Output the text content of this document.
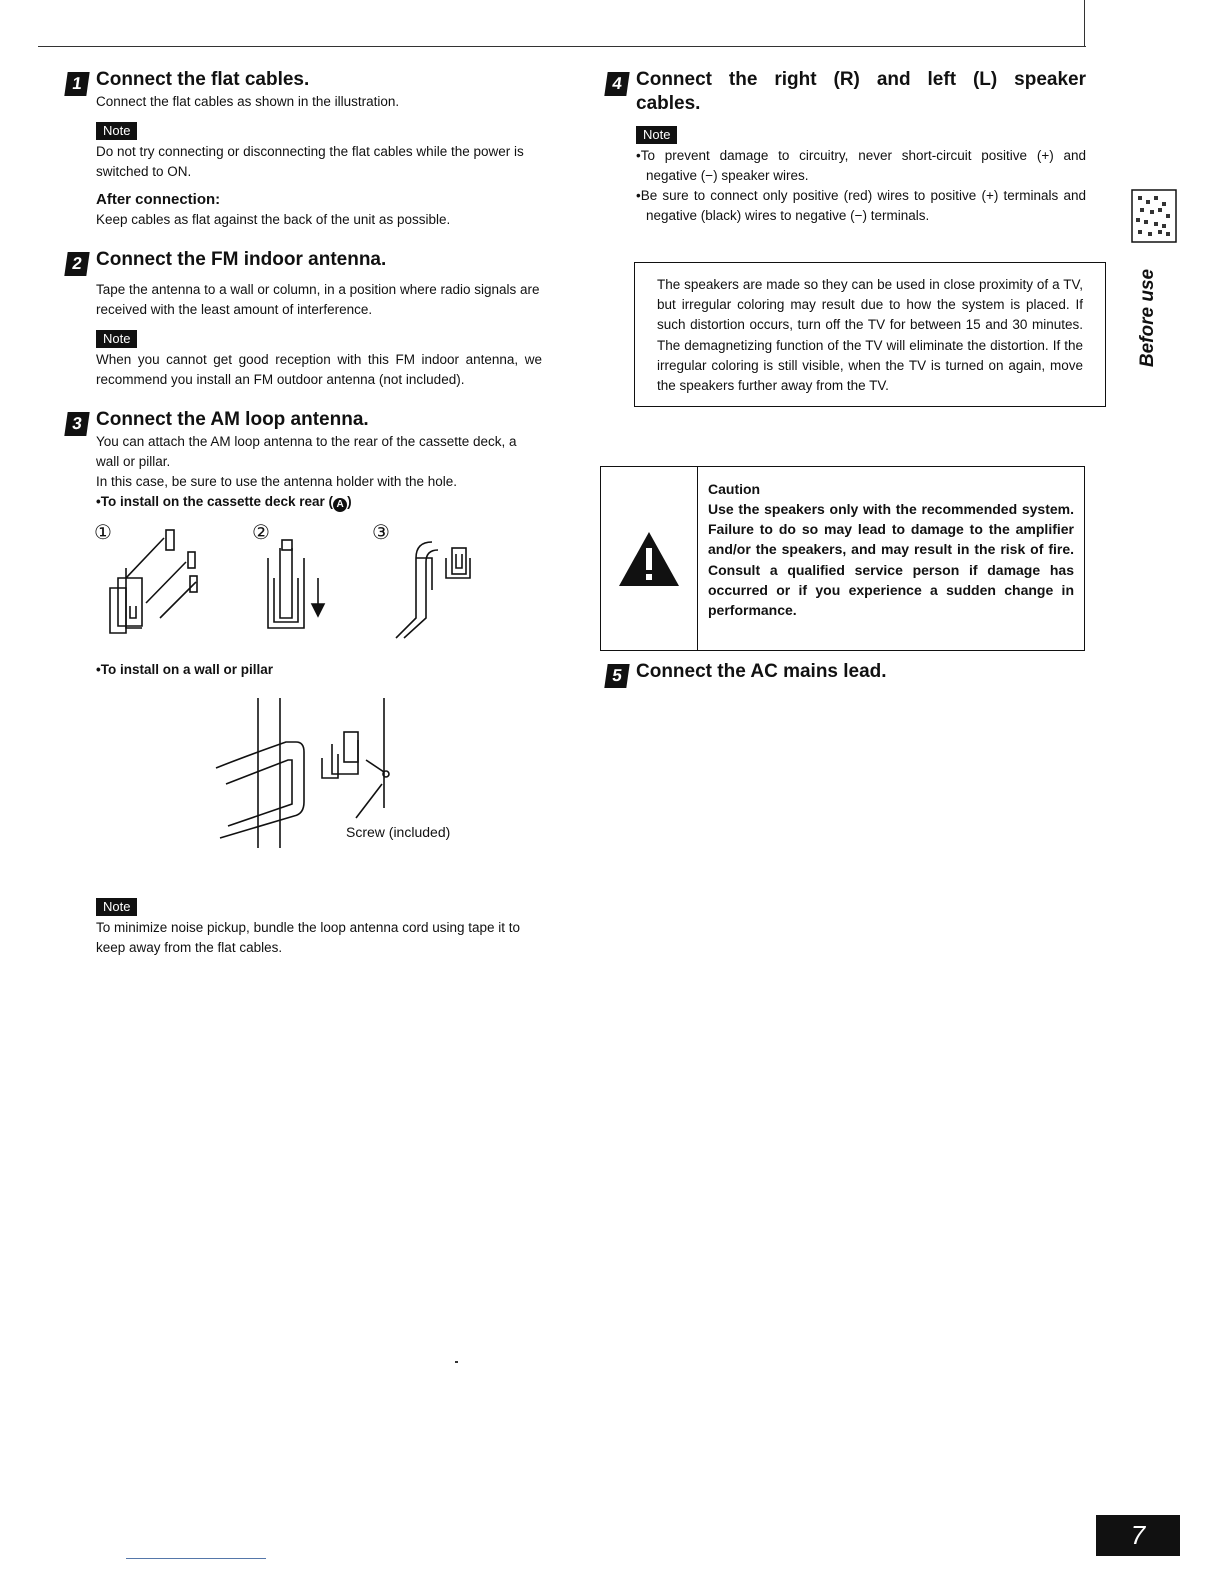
1 Connect the flat cables.

Connect the flat cables as shown in the illustration.

Note

Do not try connecting or disconnecting the flat cables while the power is switched to ON.

After connection:

Keep cables as flat against the back of the unit as possible.

2 Connect the FM indoor antenna.

Tape the antenna to a wall or column, in a position where radio signals are received with the least amount of interference.

Note

When you cannot get good reception with this FM indoor antenna, we recommend you install an FM outdoor antenna (not included).

3 Connect the AM loop antenna.

You can attach the AM loop antenna to the rear of the cassette deck, a wall or pillar.

In this case, be sure to use the antenna holder with the hole.

•To install on the cassette deck rear ( A )

①	②	③

•To install on a wall or pillar

Screw (included)
Note

To minimize noise pickup, bundle the loop antenna cord using tape it to keep away from the flat cables.

4 Connect the right (R) and left (L) speaker cables.
Note
•To prevent damage to circuitry, never short-circuit positive (+) and negative (−) speaker wires.
•Be sure to connect only positive (red) wires to positive (+) terminals and negative (black) wires to negative (−) terminals.

The speakers are made so they can be used in close proximity of a TV, but irregular coloring may result due to how the system is placed. If such distortion occurs, turn off the TV for between 15 and 30 minutes. The demagnetizing function of the TV will eliminate the distortion. If the irregular coloring is still visible, when the TV is turned on again, move the speakers further away from the TV.

Caution

Use the speakers only with the recommended system. Failure to do so may lead to damage to the amplifier and/or the speakers, and may result in the risk of fire. Consult a qualified service person if damage has occurred or if you experience a sudden change in performance.

5 Connect the AC mains lead.
Before use
7
